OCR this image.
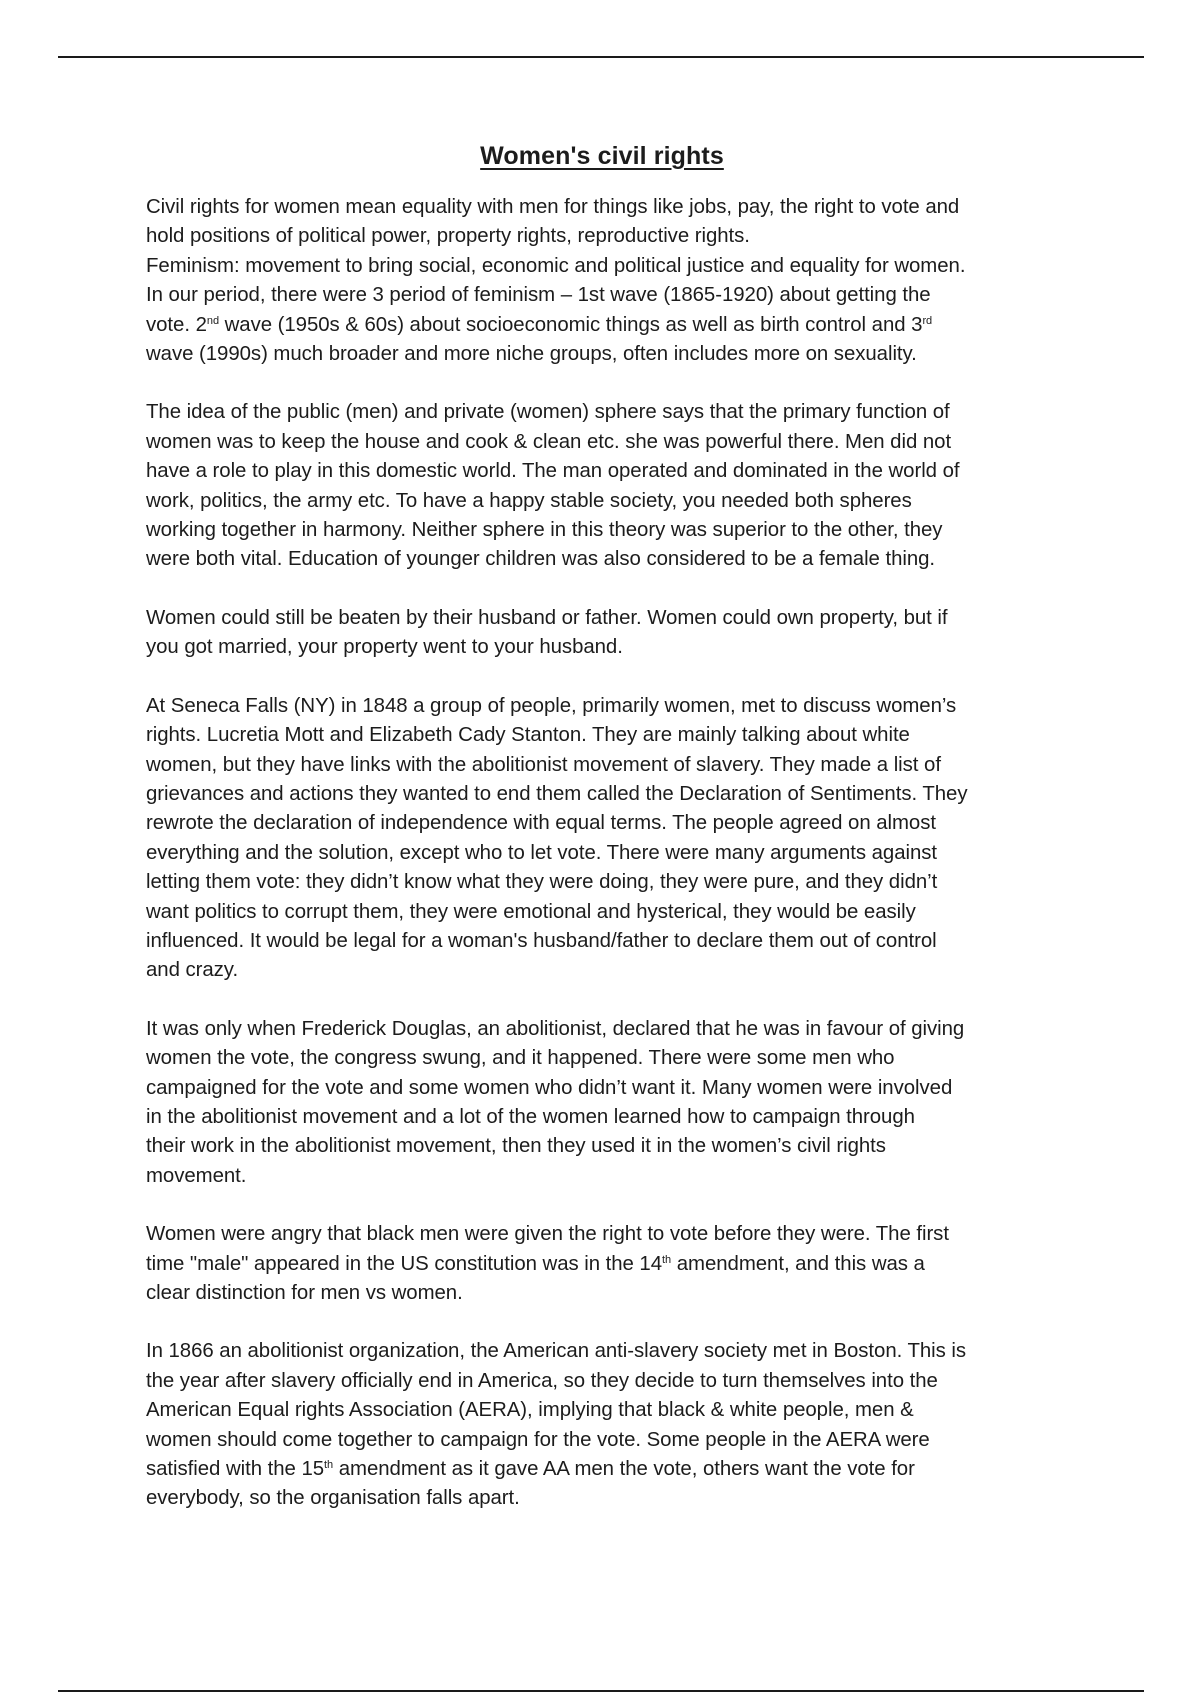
Women's civil rights

Civil rights for women mean equality with men for things like jobs, pay, the right to vote and
hold positions of political power, property rights, reproductive rights.
Feminism: movement to bring social, economic and political justice and equality for women.
In our period, there were 3 period of feminism – 1st wave (1865-1920) about getting the
vote. 2nd wave (1950s & 60s) about socioeconomic things as well as birth control and 3rd
wave (1990s) much broader and more niche groups, often includes more on sexuality.

The idea of the public (men) and private (women) sphere says that the primary function of
women was to keep the house and cook & clean etc. she was powerful there. Men did not
have a role to play in this domestic world. The man operated and dominated in the world of
work, politics, the army etc. To have a happy stable society, you needed both spheres
working together in harmony. Neither sphere in this theory was superior to the other, they
were both vital. Education of younger children was also considered to be a female thing.

Women could still be beaten by their husband or father. Women could own property, but if
you got married, your property went to your husband.

At Seneca Falls (NY) in 1848 a group of people, primarily women, met to discuss women’s
rights. Lucretia Mott and Elizabeth Cady Stanton. They are mainly talking about white
women, but they have links with the abolitionist movement of slavery. They made a list of
grievances and actions they wanted to end them called the Declaration of Sentiments. They
rewrote the declaration of independence with equal terms. The people agreed on almost
everything and the solution, except who to let vote. There were many arguments against
letting them vote: they didn’t know what they were doing, they were pure, and they didn’t
want politics to corrupt them, they were emotional and hysterical, they would be easily
influenced. It would be legal for a woman's husband/father to declare them out of control
and crazy.

It was only when Frederick Douglas, an abolitionist, declared that he was in favour of giving
women the vote, the congress swung, and it happened. There were some men who
campaigned for the vote and some women who didn’t want it. Many women were involved
in the abolitionist movement and a lot of the women learned how to campaign through
their work in the abolitionist movement, then they used it in the women’s civil rights
movement.

Women were angry that black men were given the right to vote before they were. The first
time "male" appeared in the US constitution was in the 14th amendment, and this was a
clear distinction for men vs women.

In 1866 an abolitionist organization, the American anti-slavery society met in Boston. This is
the year after slavery officially end in America, so they decide to turn themselves into the
American Equal rights Association (AERA), implying that black & white people, men &
women should come together to campaign for the vote. Some people in the AERA were
satisfied with the 15th amendment as it gave AA men the vote, others want the vote for
everybody, so the organisation falls apart.
